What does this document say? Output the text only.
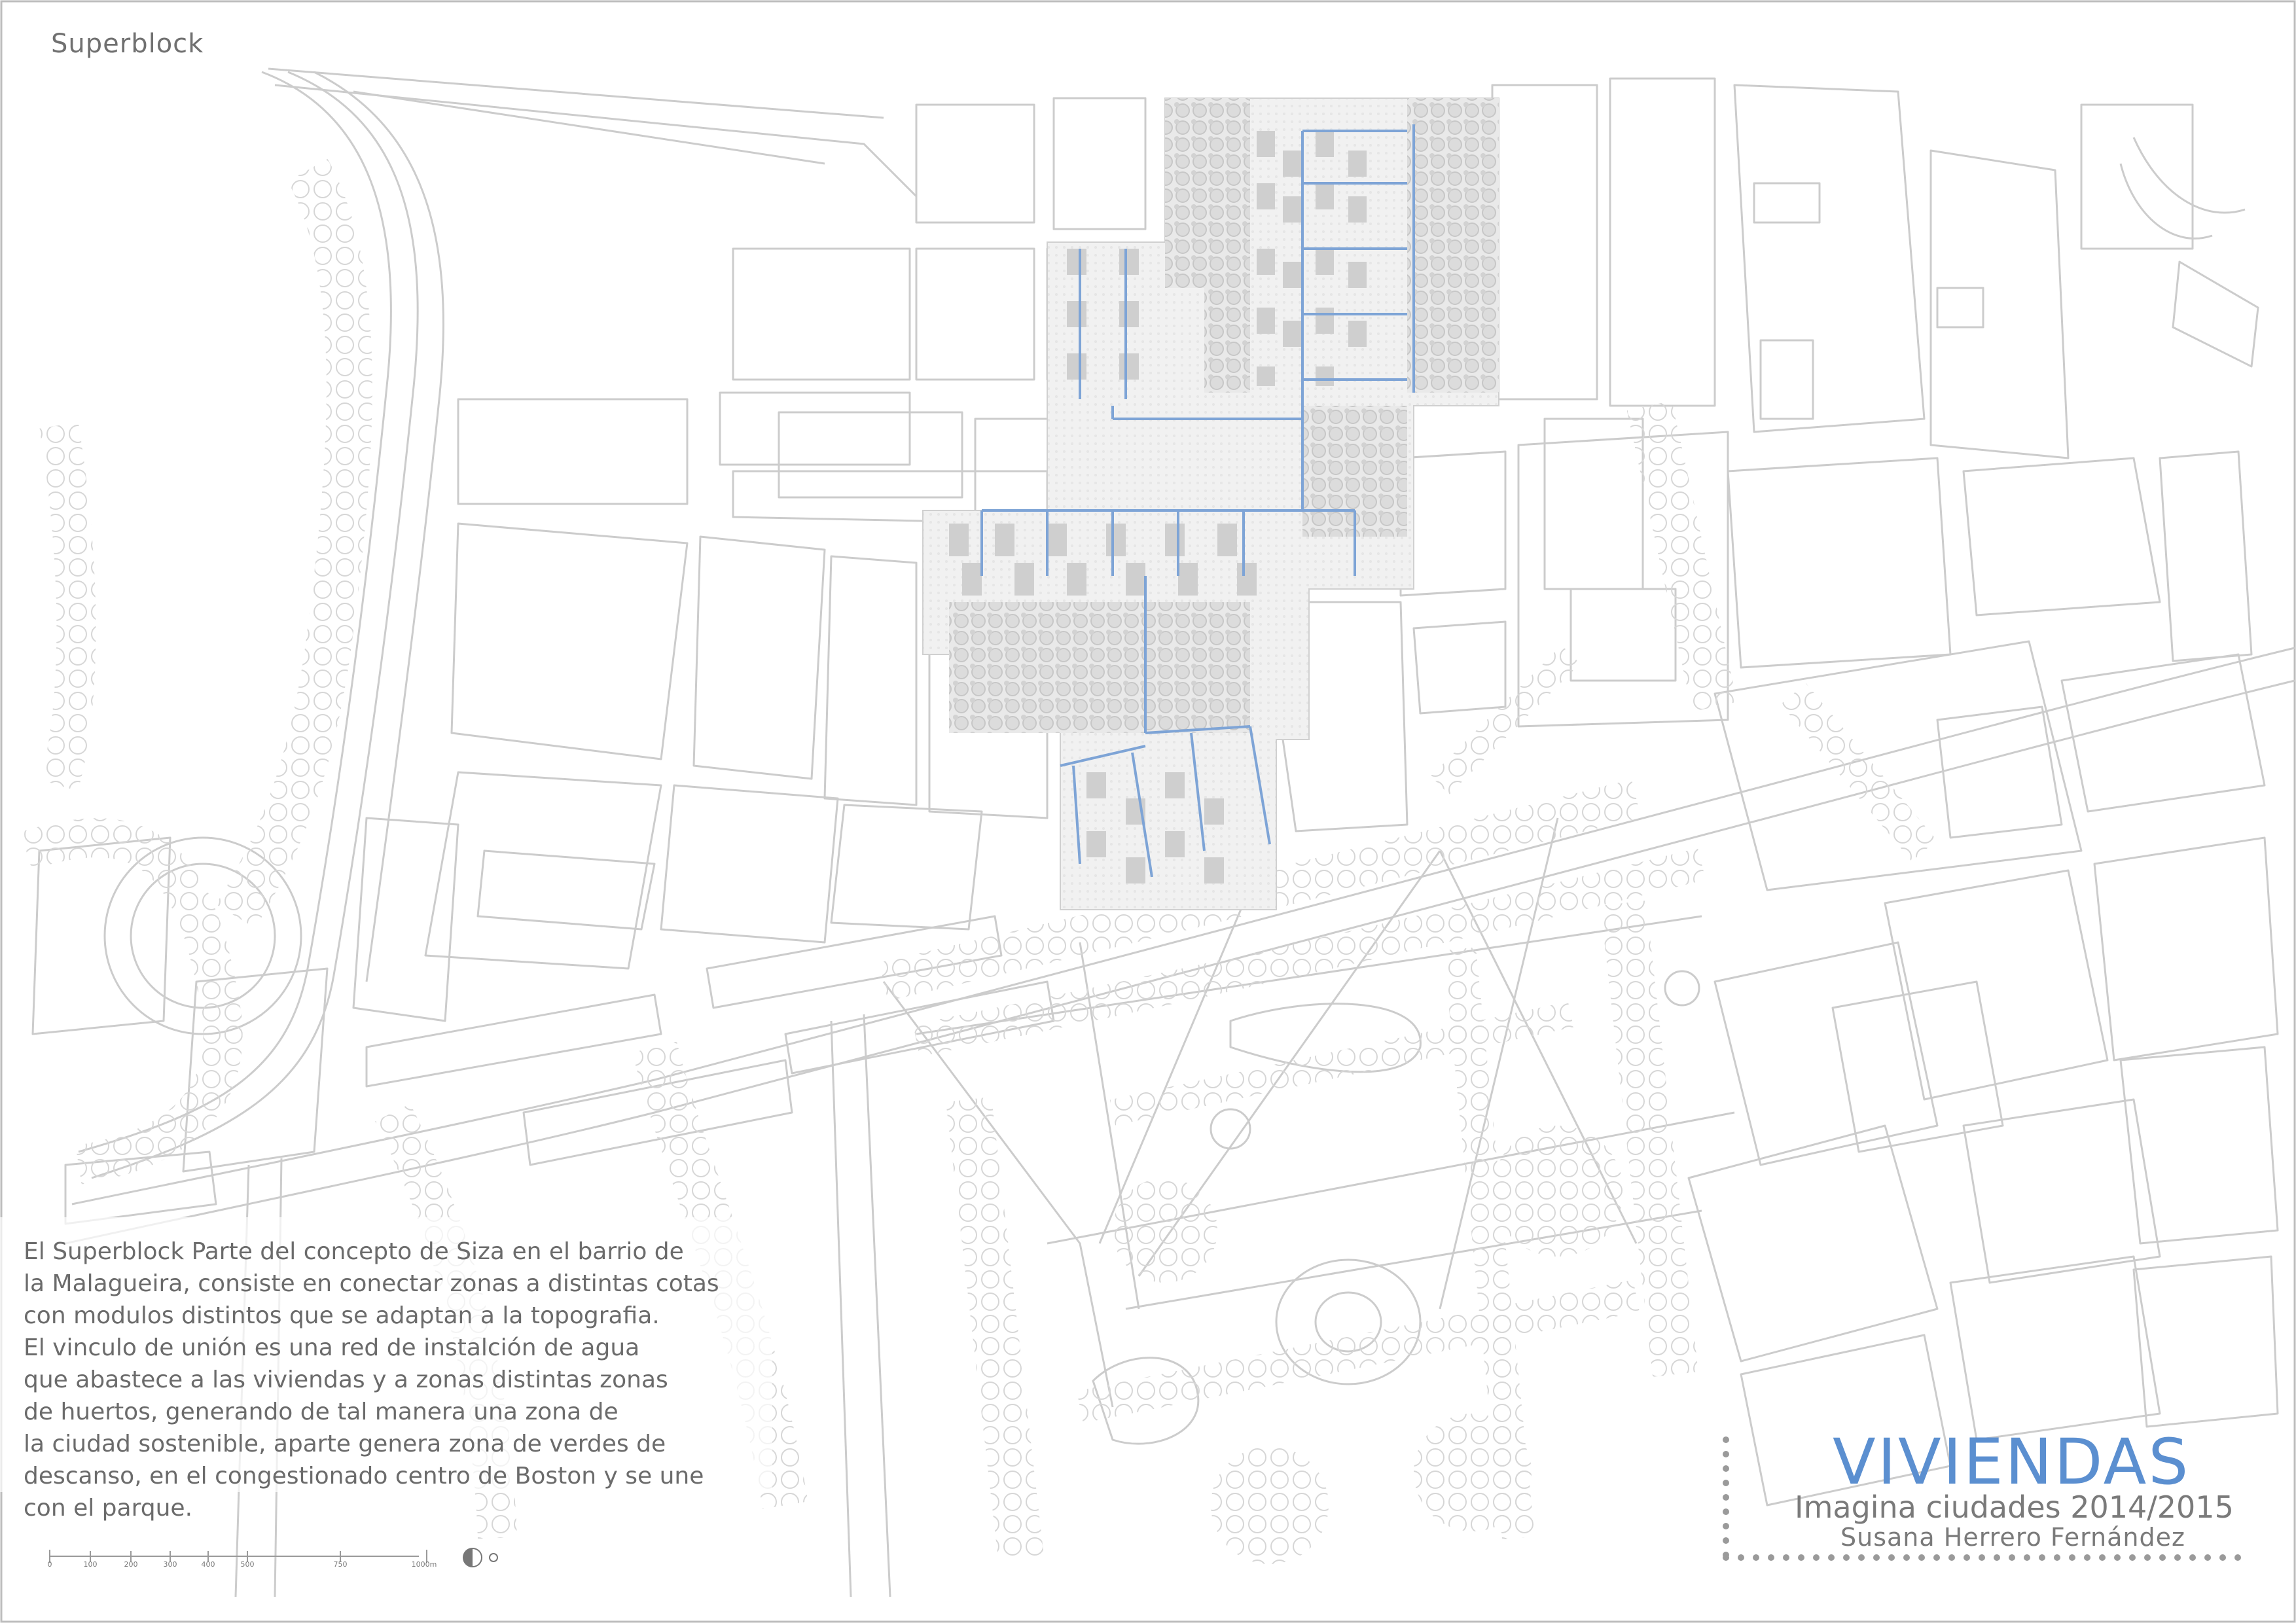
Superblock
El Superblock Parte del concepto de Siza en el barrio de
la Malagueira, consiste en conectar zonas a distintas cotas
con modulos distintos que se adaptan a la topografia.
El vinculo de unión es una red de instalción de agua
que abastece a las viviendas y a zonas distintas zonas
de huertos, generando de tal manera una zona de
la ciudad sostenible, aparte genera zona de verdes de
descanso, en el congestionado centro de Boston y se une
con el parque.
0	100	200	300	400	500	750	1000m
VIVIENDAS
Imagina ciudades 2014/2015
Susana Herrero Fernández
